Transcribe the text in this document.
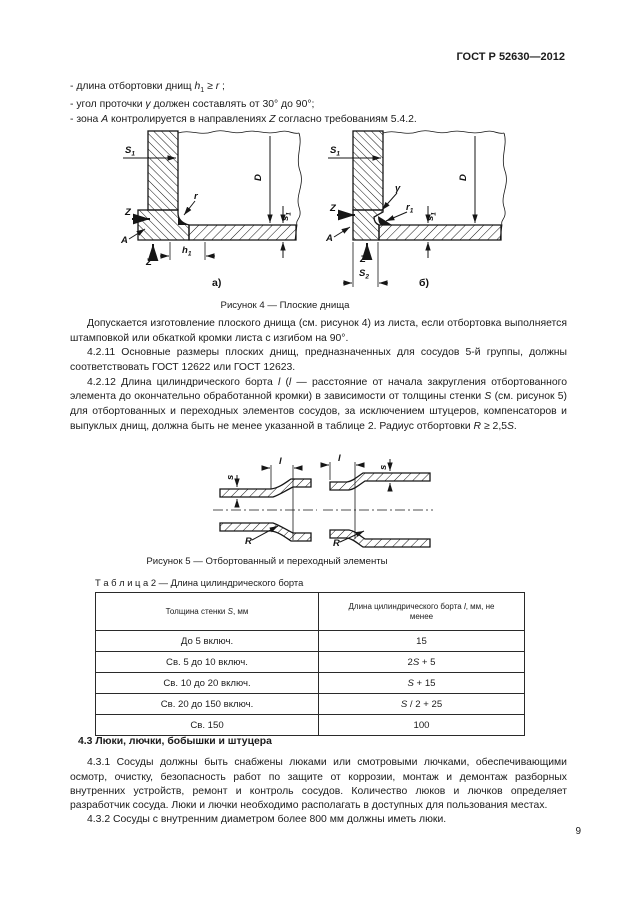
ГОСТ Р 52630—2012

- длина отбортовки днищ $h_1 \ge r$ ;

- угол проточки γ должен составлять от 30° до 90°;

- зона А контролируется в направлениях Z согласно требованиям 5.4.2.

D
$S_1$
r
$s_1$
Z
A
Z
$h_1$
а)
D
$S_1$
γ
$r_1$
$s_1$
Z
A
Z
$S_2$	б)
Рисунок 4 — Плоские днища

Допускается изготовление плоского днища (см. рисунок 4) из листа, если отбортовка выполняется штамповкой или обкаткой кромки листа с изгибом на 90°.

4.2.11 Основные размеры плоских днищ, предназначенных для сосудов 5-й группы, должны соответствовать ГОСТ 12622 или ГОСТ 12623.

4.2.12 Длина цилиндрического борта l (l — расстояние от начала закругления отбортованного элемента до окончательно обработанной кромки) в зависимости от толщины стенки S (см. рисунок 5) для отбортованных и переходных элементов сосудов, за исключением штуцеров, компенсаторов и выпуклых днищ, должна быть не менее указанной в таблице 2. Радиус отбортовки R ≥ 2,5S.

l
s
R
l
s
R
Рисунок 5 — Отбортованный и переходный элементы
Т а б л и ц а 2 — Длина цилиндрического борта
Толщина стенки S, мм	Длина цилиндрического борта l, мм, не менее
До 5 включ.	15
Св. 5 до 10 включ.	2S + 5
Св. 10 до 20 включ.	S + 15
Св. 20 до 150 включ.	S / 2 + 25
Св. 150	100

4.3 Люки, лючки, бобышки и штуцера

4.3.1 Сосуды должны быть снабжены люками или смотровыми лючками, обеспечивающими осмотр, очистку, безопасность работ по защите от коррозии, монтаж и демонтаж разборных внутренних устройств, ремонт и контроль сосудов. Количество люков и лючков определяет разработчик сосуда. Люки и лючки необходимо располагать в доступных для пользования местах.

4.3.2 Сосуды с внутренним диаметром более 800 мм должны иметь люки.

9
